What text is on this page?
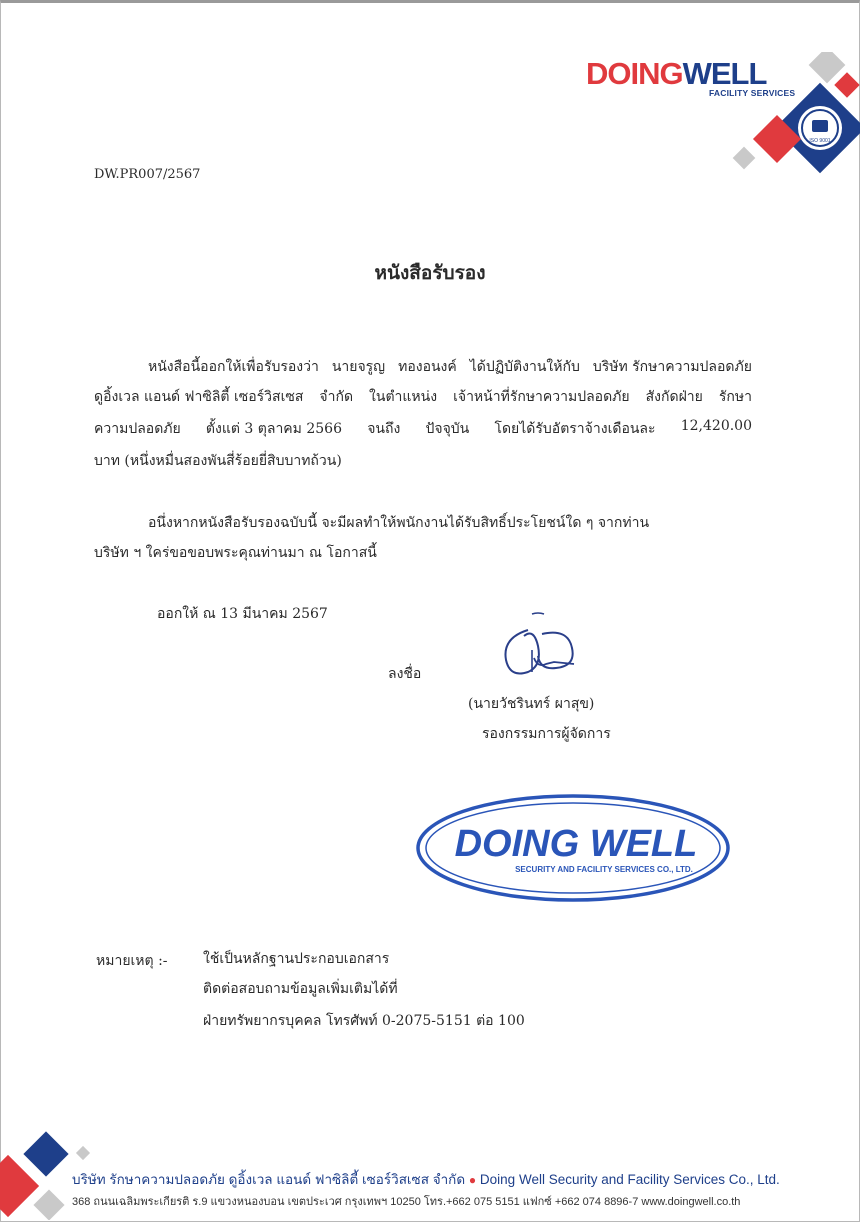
DOINGWELL
FACILITY SERVICES
ISO 9001
DW.PR007/2567
หนังสือรับรอง
หนังสือนี้ออกให้เพื่อรับรองว่า นายจรูญ ทองอนงค์ ได้ปฏิบัติงานให้กับ บริษัท รักษาความปลอดภัย
ดูอิ้งเวล แอนด์ ฟาซิลิตี้ เซอร์วิสเซส จำกัด ในตำแหน่ง เจ้าหน้าที่รักษาความปลอดภัย สังกัดฝ่าย รักษา
ความปลอดภัย ตั้งแต่ 3 ตุลาคม 2566 จนถึง ปัจจุบัน โดยได้รับอัตราจ้างเดือนละ 12,420.00
บาท (หนึ่งหมื่นสองพันสี่ร้อยยี่สิบบาทถ้วน)
อนึ่งหากหนังสือรับรองฉบับนี้ จะมีผลทำให้พนักงานได้รับสิทธิ์ประโยชน์ใด ๆ จากท่าน
บริษัท ฯ ใคร่ขอขอบพระคุณท่านมา ณ โอกาสนี้
ออกให้ ณ 13 มีนาคม 2567
ลงชื่อ
(นายวัชรินทร์ ผาสุข)
รองกรรมการผู้จัดการ
DOING WELL
SECURITY AND FACILITY SERVICES CO., LTD.
หมายเหตุ :-	ใช้เป็นหลักฐานประกอบเอกสาร
ติดต่อสอบถามข้อมูลเพิ่มเติมได้ที่
ฝ่ายทรัพยากรบุคคล โทรศัพท์ 0-2075-5151 ต่อ 100
บริษัท รักษาความปลอดภัย ดูอิ้งเวล แอนด์ ฟาซิลิตี้ เซอร์วิสเซส จำกัด ● Doing Well Security and Facility Services Co., Ltd.
368 ถนนเฉลิมพระเกียรติ ร.9 แขวงหนองบอน เขตประเวศ กรุงเทพฯ 10250 โทร.+662 075 5151 แฟกซ์ +662 074 8896-7 www.doingwell.co.th
